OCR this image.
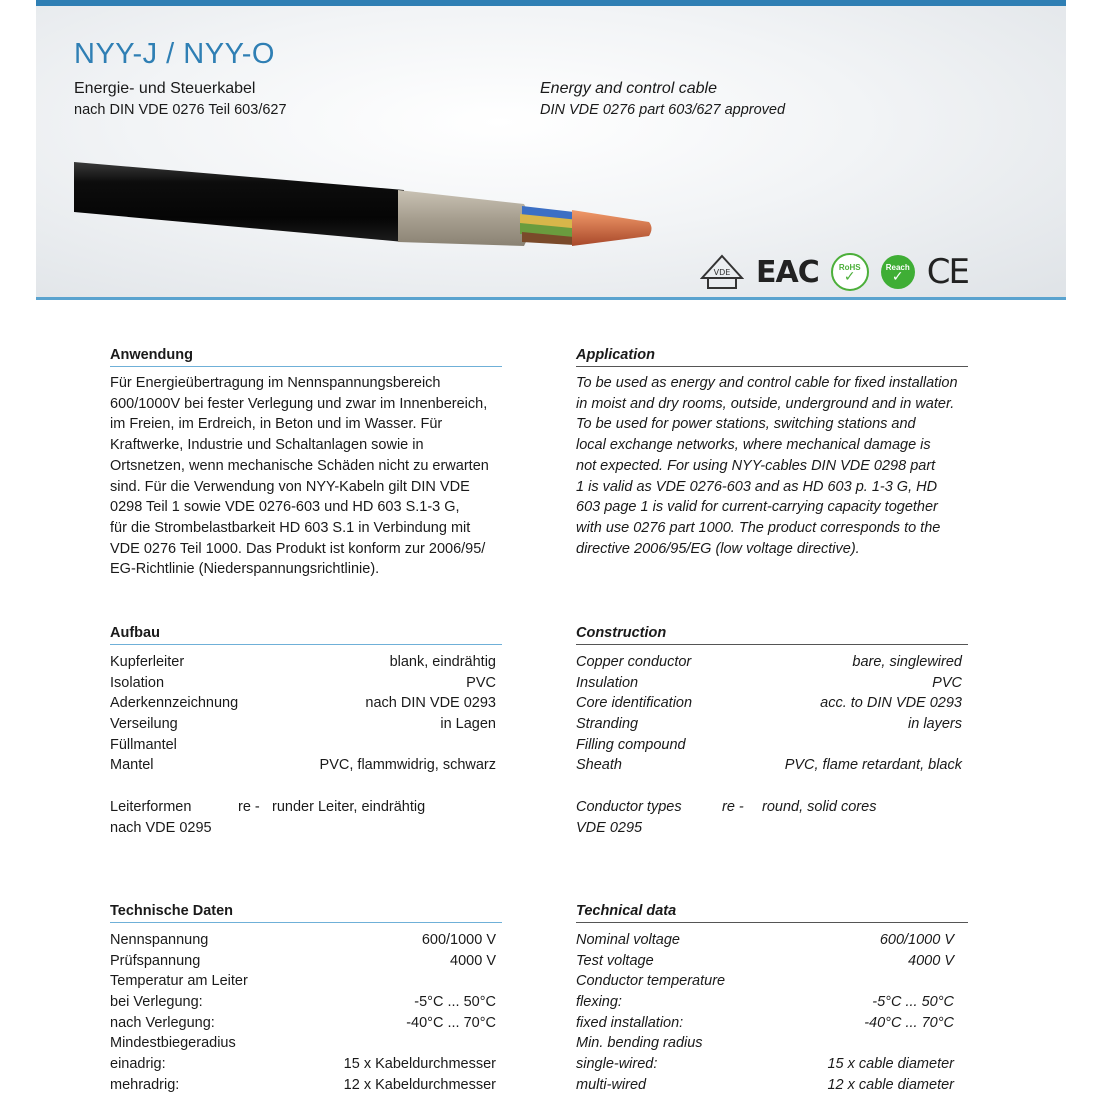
NYY-J / NYY-O
Energie- und Steuerkabel
nach DIN VDE 0276 Teil 603/627
Energy and control cable
DIN VDE 0276 part 603/627 approved
VDE EAC	RoHS
✓
Reach
✓ CE
Anwendung
Für Energieübertragung im Nennspannungsbereich
600/1000V bei fester Verlegung und zwar im Innenbereich,
im Freien, im Erdreich, in Beton und im Wasser. Für
Kraftwerke, Industrie und Schaltanlagen sowie in
Ortsnetzen, wenn mechanische Schäden nicht zu erwarten
sind. Für die Verwendung von NYY-Kabeln gilt DIN VDE
0298 Teil 1 sowie VDE 0276-603 und HD 603 S.1-3 G,
für die Strombelastbarkeit HD 603 S.1 in Verbindung mit
VDE 0276 Teil 1000. Das Produkt ist konform zur 2006/95/
EG-Richtlinie (Niederspannungsrichtlinie).
Application
To be used as energy and control cable for fixed installation
in moist and dry rooms, outside, underground and in water.
To be used for power stations, switching stations and
local exchange networks, where mechanical damage is
not expected. For using NYY-cables DIN VDE 0298 part
1 is valid as VDE 0276-603 and as HD 603 p. 1-3 G, HD
603 page 1 is valid for current-carrying capacity together
with use 0276 part 1000. The product corresponds to the
directive 2006/95/EG (low voltage directive).
Aufbau
Kupferleiter	blank, eindrähtig
Isolation	PVC
Aderkennzeichnung	nach DIN VDE 0293
Verseilung	in Lagen
Füllmantel
Mantel	PVC, flammwidrig, schwarz
Leiterformen	re - runder Leiter, eindrähtig
nach VDE 0295
Construction
Copper conductor	bare, singlewired
Insulation	PVC
Core identification	acc. to DIN VDE 0293
Stranding	in layers
Filling compound
Sheath	PVC, flame retardant, black
Conductor types	re -	round, solid cores
VDE 0295
Technische Daten
Nennspannung	600/1000 V
Prüfspannung	4000 V
Temperatur am Leiter
bei Verlegung:	-5°C ... 50°C
nach Verlegung:	-40°C ... 70°C
Mindestbiegeradius
einadrig:	15 x Kabeldurchmesser
mehradrig:	12 x Kabeldurchmesser
Technical data
Nominal voltage	600/1000 V
Test voltage	4000 V
Conductor temperature
flexing:	-5°C ... 50°C
fixed installation:	-40°C ... 70°C
Min. bending radius
single-wired:	15 x cable diameter
multi-wired	12 x cable diameter
